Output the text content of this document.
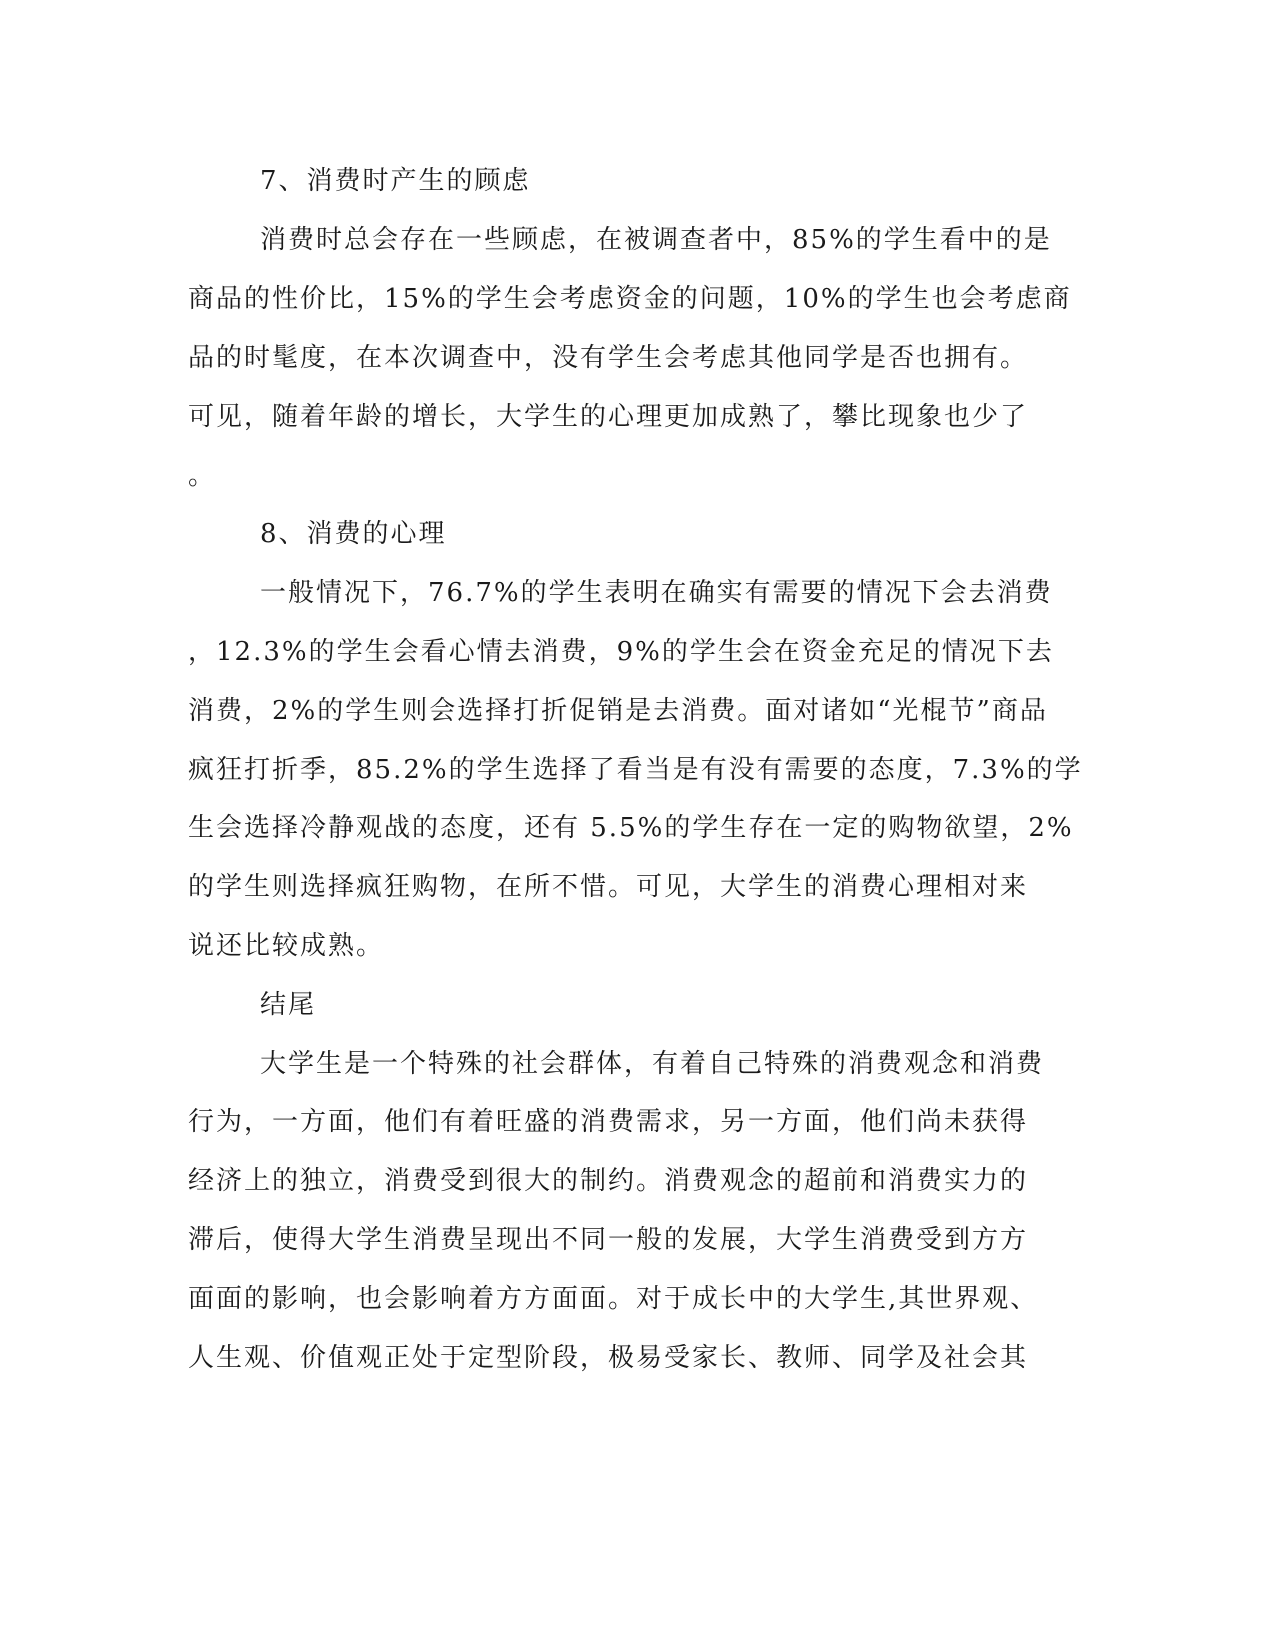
7、消费时产生的顾虑
消费时总会存在一些顾虑，在被调查者中，85%的学生看中的是
商品的性价比，15%的学生会考虑资金的问题，10%的学生也会考虑商
品的时髦度，在本次调查中，没有学生会考虑其他同学是否也拥有。
可见，随着年龄的增长，大学生的心理更加成熟了，攀比现象也少了
。
8、消费的心理
一般情况下，76.7%的学生表明在确实有需要的情况下会去消费
，12.3%的学生会看心情去消费，9%的学生会在资金充足的情况下去
消费，2%的学生则会选择打折促销是去消费。面对诸如“光棍节”商品
疯狂打折季，85.2%的学生选择了看当是有没有需要的态度，7.3%的学
生会选择冷静观战的态度，还有 5.5%的学生存在一定的购物欲望，2%
的学生则选择疯狂购物，在所不惜。可见，大学生的消费心理相对来
说还比较成熟。
结尾
大学生是一个特殊的社会群体，有着自己特殊的消费观念和消费
行为，一方面，他们有着旺盛的消费需求，另一方面，他们尚未获得
经济上的独立，消费受到很大的制约。消费观念的超前和消费实力的
滞后，使得大学生消费呈现出不同一般的发展，大学生消费受到方方
面面的影响，也会影响着方方面面。对于成长中的大学生,其世界观、
人生观、价值观正处于定型阶段，极易受家长、教师、同学及社会其
